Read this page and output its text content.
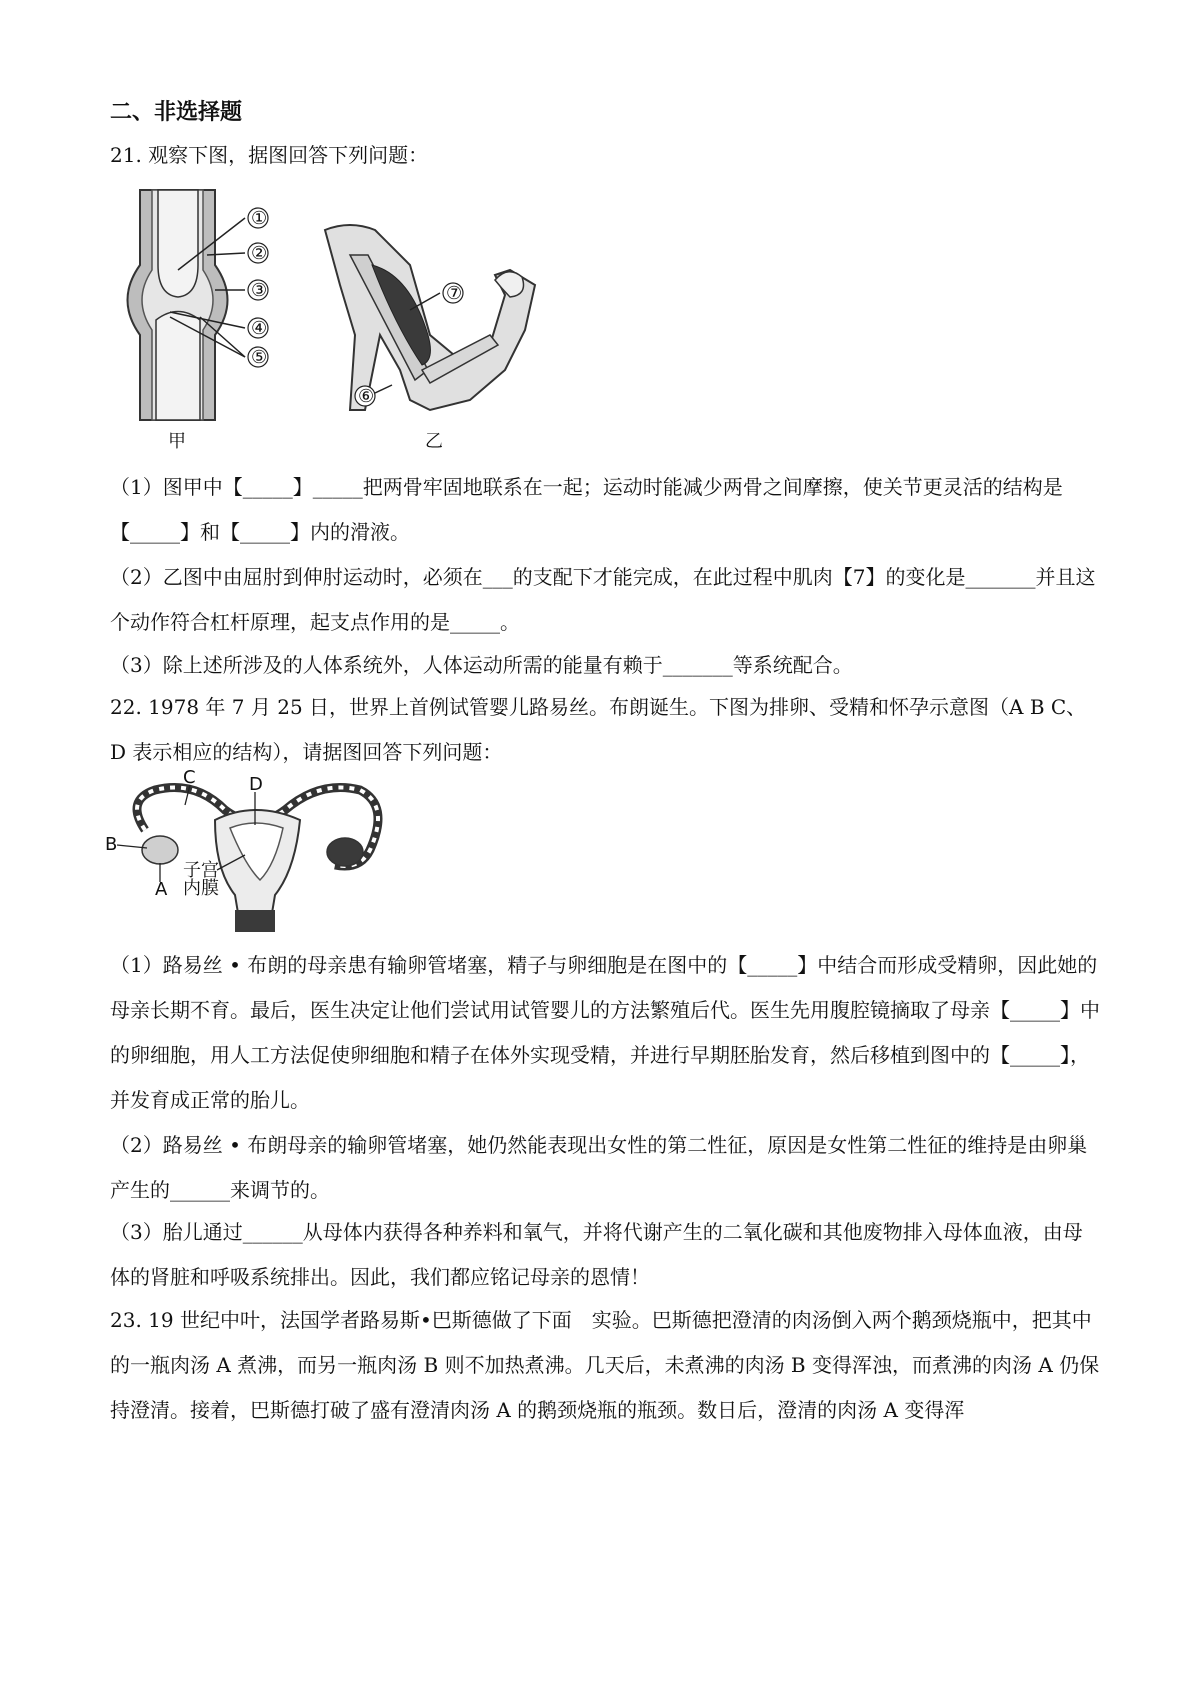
二、非选择题
21. 观察下图，据图回答下列问题：
①
②
③
④
⑤
甲
⑦
⑥
乙
（1）图甲中【_____】_____把两骨牢固地联系在一起；运动时能减少两骨之间摩擦，使关节更灵活的结构是【_____】和【_____】内的滑液。
（2）乙图中由屈肘到伸肘运动时，必须在___的支配下才能完成，在此过程中肌肉【7】的变化是_______并且这个动作符合杠杆原理，起支点作用的是_____。
（3）除上述所涉及的人体系统外，人体运动所需的能量有赖于_______等系统配合。
22. 1978 年 7 月 25 日，世界上首例试管婴儿路易丝。布朗诞生。下图为排卵、受精和怀孕示意图（A B C、D 表示相应的结构），请据图回答下列问题：
C	D
B
A
子宫
内膜
（1）路易丝 • 布朗的母亲患有输卵管堵塞，精子与卵细胞是在图中的【_____】中结合而形成受精卵，因此她的母亲长期不育。最后，医生决定让他们尝试用试管婴儿的方法繁殖后代。医生先用腹腔镜摘取了母亲【_____】中的卵细胞，用人工方法促使卵细胞和精子在体外实现受精，并进行早期胚胎发育，然后移植到图中的【_____】，并发育成正常的胎儿。
（2）路易丝 • 布朗母亲的输卵管堵塞，她仍然能表现出女性的第二性征，原因是女性第二性征的维持是由卵巢产生的______来调节的。
（3）胎儿通过______从母体内获得各种养料和氧气，并将代谢产生的二氧化碳和其他废物排入母体血液，由母体的肾脏和呼吸系统排出。因此，我们都应铭记母亲的恩情！
23. 19 世纪中叶，法国学者路易斯•巴斯德做了下面　实验。巴斯德把澄清的肉汤倒入两个鹅颈烧瓶中，把其中的一瓶肉汤 A 煮沸，而另一瓶肉汤 B 则不加热煮沸。几天后，未煮沸的肉汤 B 变得浑浊，而煮沸的肉汤 A 仍保持澄清。接着，巴斯德打破了盛有澄清肉汤 A 的鹅颈烧瓶的瓶颈。数日后，澄清的肉汤 A 变得浑
